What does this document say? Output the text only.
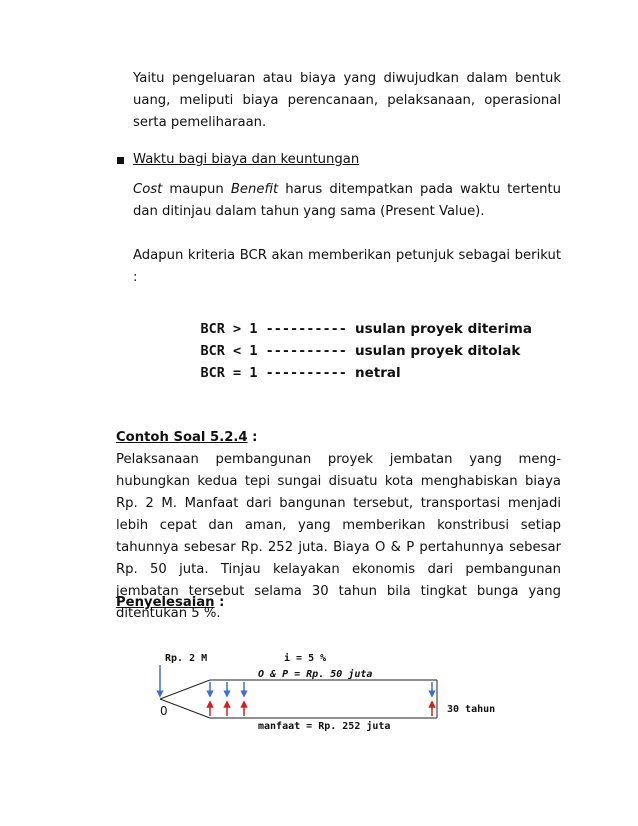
Yaitu pengeluaran atau biaya yang diwujudkan dalam bentuk uang, meliputi biaya perencanaan, pelaksanaan, operasional serta pemeliharaan.
Waktu bagi biaya dan keuntungan
Cost maupun Benefit harus ditempatkan pada waktu tertentu dan ditinjau dalam tahun yang sama (Present Value).
Adapun kriteria BCR akan memberikan petunjuk sebagai berikut :

BCR > 1 ---------- usulan proyek diterima

BCR < 1 ---------- usulan proyek ditolak

BCR = 1 ---------- netral

Contoh Soal 5.2.4 :
Pelaksanaan pembangunan proyek jembatan yang meng- hubungkan kedua tepi sungai disuatu kota menghabiskan biaya Rp. 2 M. Manfaat dari bangunan tersebut, transportasi menjadi lebih cepat dan aman, yang memberikan konstribusi setiap tahunnya sebesar Rp. 252 juta. Biaya O & P pertahunnya sebesar Rp. 50 juta. Tinjau kelayakan ekonomis dari pembangunan jembatan tersebut selama 30 tahun bila tingkat bunga yang ditentukan 5 %.
Penyelesaian :
Rp. 2 M	i = 5 %
O & P = Rp. 50 juta
0	30 tahun
manfaat = Rp. 252 juta
